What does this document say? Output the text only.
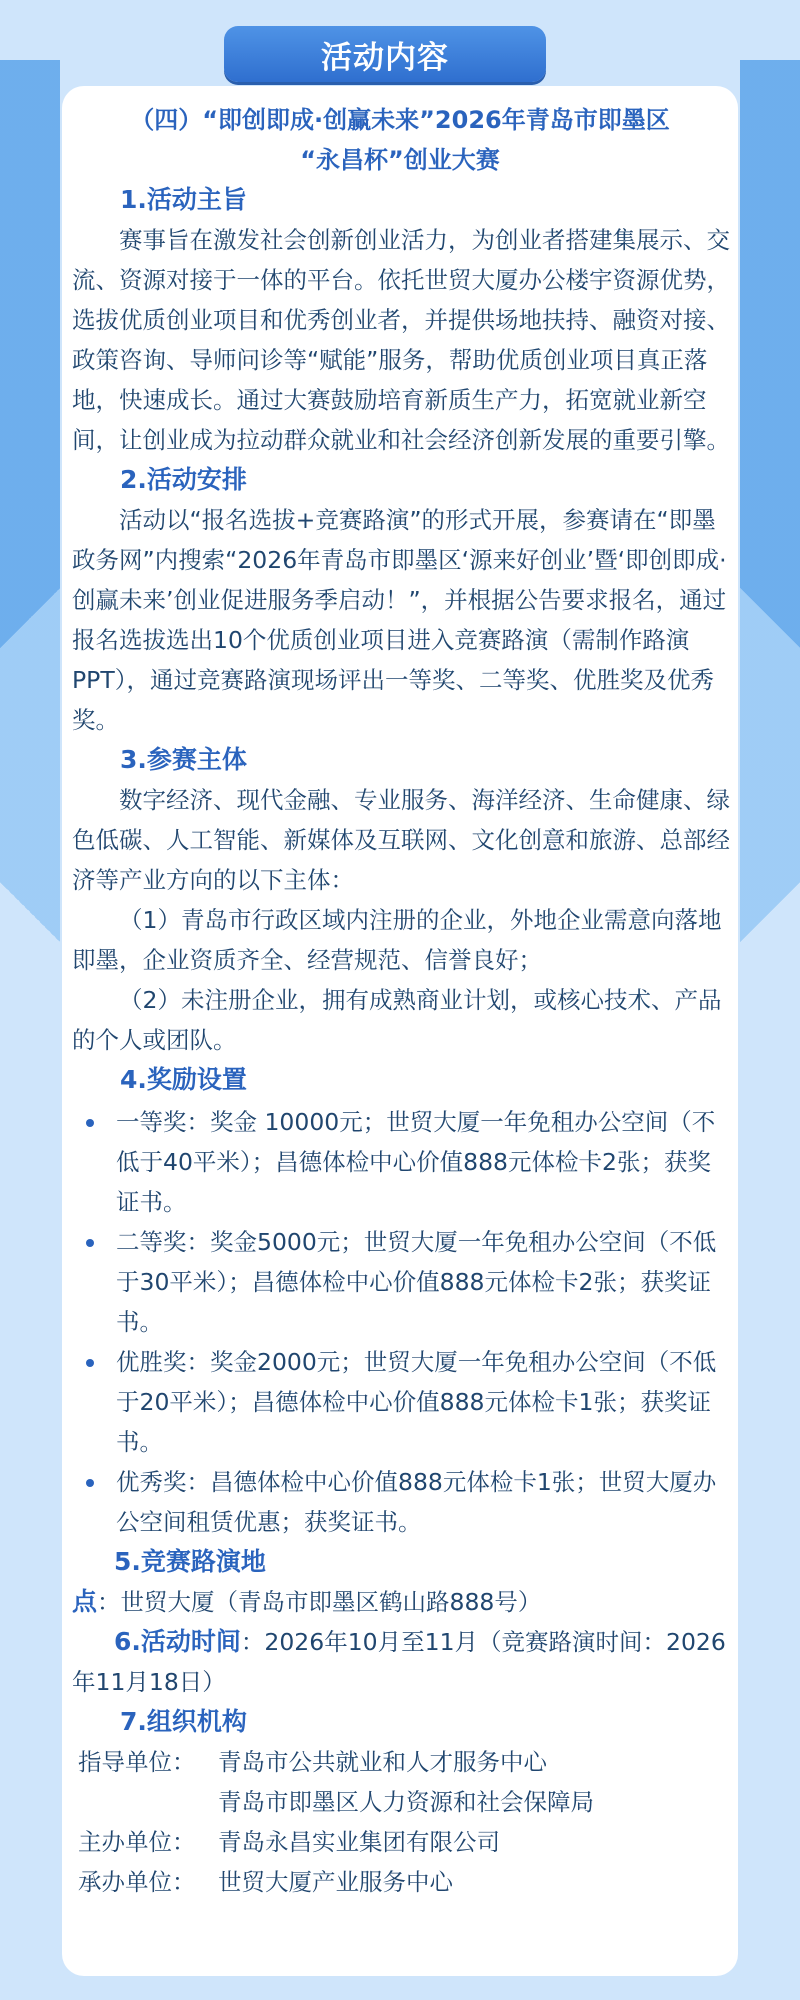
活动内容
（四）“即创即成·创赢未来”2026年青岛市即墨区
“永昌杯”创业大赛
1.活动主旨

赛事旨在激发社会创新创业活力，为创业者搭建集展示、交流、资源对接于一体的平台。依托世贸大厦办公楼宇资源优势，选拔优质创业项目和优秀创业者，并提供场地扶持、融资对接、政策咨询、导师问诊等“赋能”服务，帮助优质创业项目真正落地，快速成长。通过大赛鼓励培育新质生产力，拓宽就业新空间，让创业成为拉动群众就业和社会经济创新发展的重要引擎。

2.活动安排

活动以“报名选拔+竞赛路演”的形式开展，参赛请在“即墨政务网”内搜索“2026年青岛市即墨区‘源来好创业’暨‘即创即成·创赢未来’创业促进服务季启动！”，并根据公告要求报名，通过报名选拔选出10个优质创业项目进入竞赛路演（需制作路演PPT），通过竞赛路演现场评出一等奖、二等奖、优胜奖及优秀奖。

3.参赛主体

数字经济、现代金融、专业服务、海洋经济、生命健康、绿色低碳、人工智能、新媒体及互联网、文化创意和旅游、总部经济等产业方向的以下主体：

（1）青岛市行政区域内注册的企业，外地企业需意向落地即墨，企业资质齐全、经营规范、信誉良好；

（2）未注册企业，拥有成熟商业计划，或核心技术、产品的个人或团队。

4.奖励设置
一等奖：奖金 10000元；世贸大厦一年免租办公空间（不低于40平米）；昌德体检中心价值888元体检卡2张；获奖证书。
二等奖：奖金5000元；世贸大厦一年免租办公空间（不低于30平米）；昌德体检中心价值888元体检卡2张；获奖证书。
优胜奖：奖金2000元；世贸大厦一年免租办公空间（不低于20平米）；昌德体检中心价值888元体检卡1张；获奖证书。
优秀奖：昌德体检中心价值888元体检卡1张；世贸大厦办公空间租赁优惠；获奖证书。

5.竞赛路演地点：世贸大厦（青岛市即墨区鹤山路888号）

6.活动时间：2026年10月至11月（竞赛路演时间：2026年11月18日）

7.组织机构
指导单位： 青岛市公共就业和人才服务中心
青岛市即墨区人力资源和社会保障局
主办单位： 青岛永昌实业集团有限公司
承办单位： 世贸大厦产业服务中心
